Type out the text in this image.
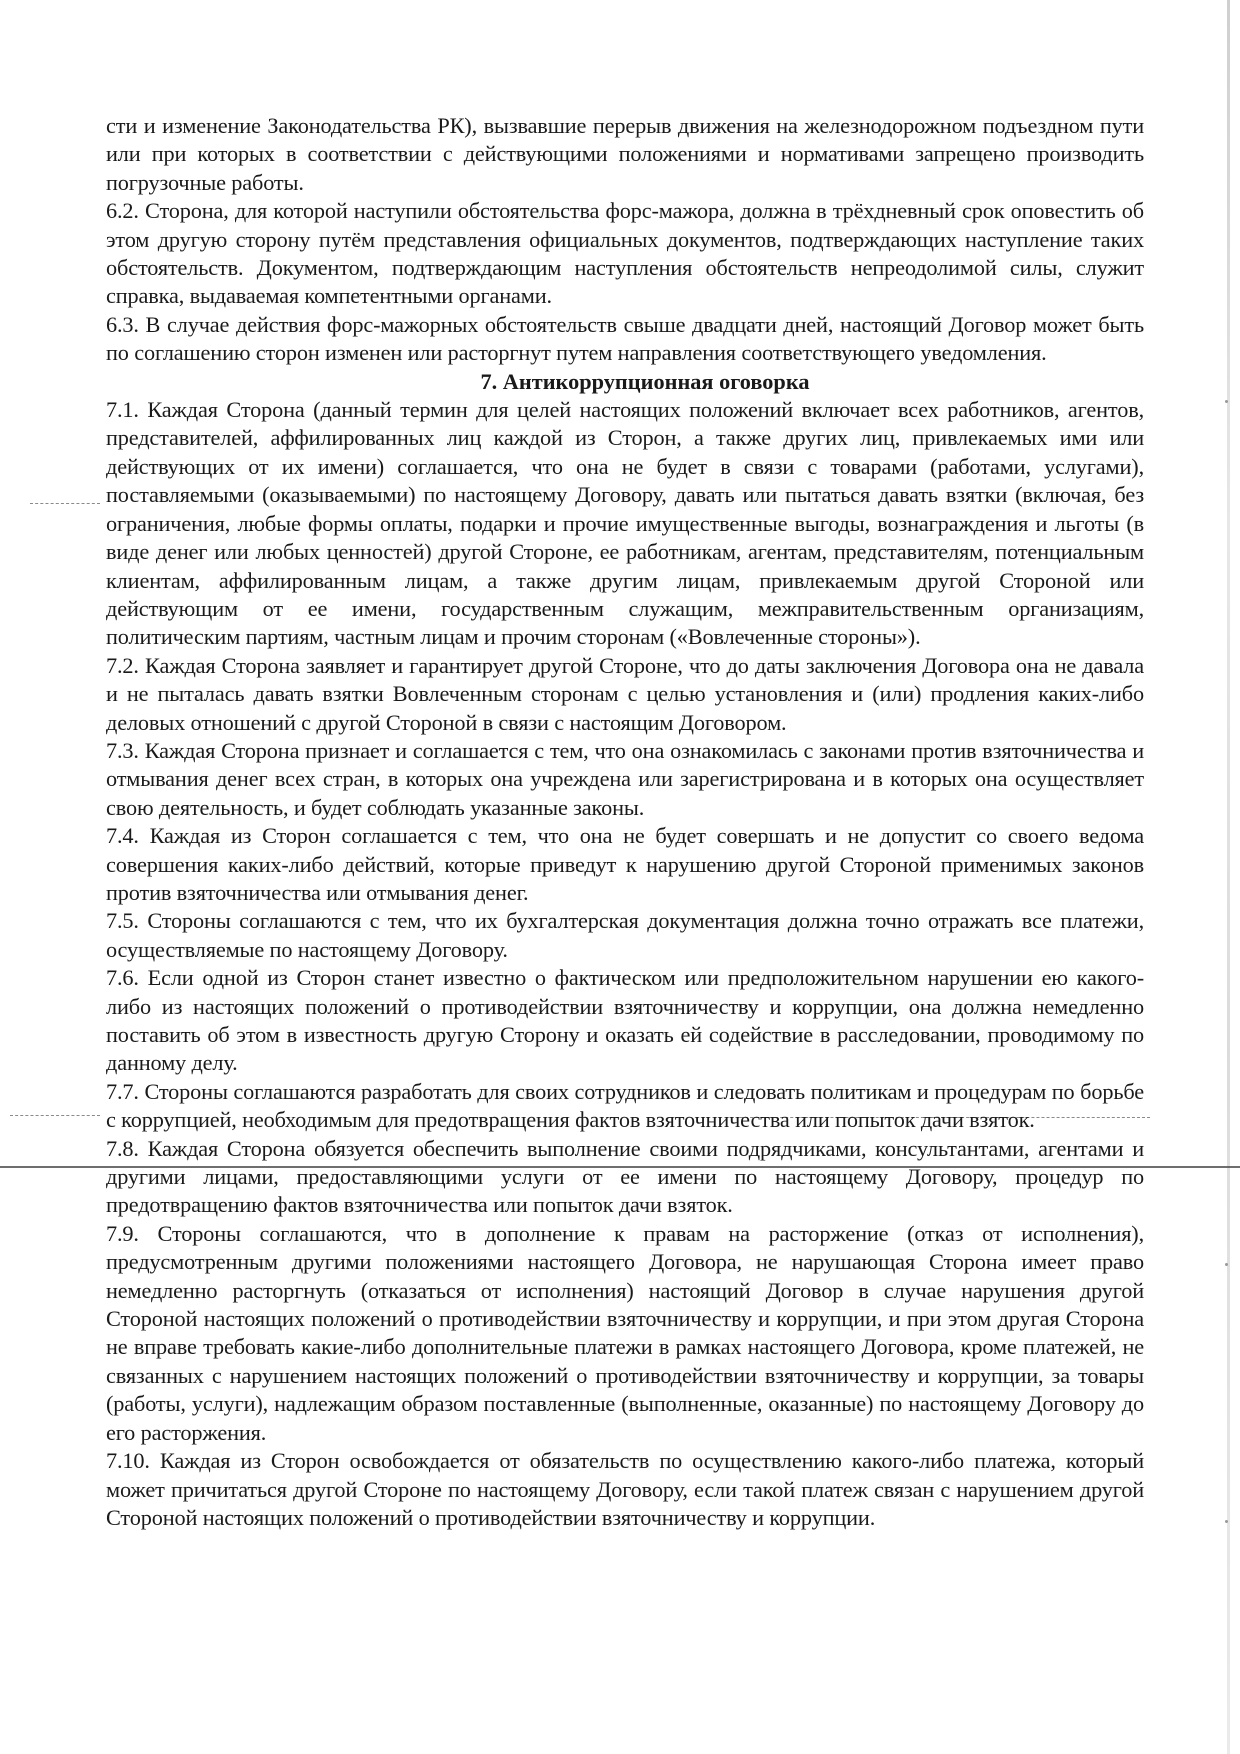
сти и изменение Законодательства РК), вызвавшие перерыв движения на железнодорожном подъездном пути или при которых в соответствии с действующими положениями и нормативами запрещено производить погрузочные работы.

6.2. Сторона, для которой наступили обстоятельства форс-мажора, должна в трёхдневный срок оповестить об этом другую сторону путём представления официальных документов, подтверждающих наступление таких обстоятельств. Документом, подтверждающим наступления обстоятельств непреодолимой силы, служит справка, выдаваемая компетентными органами.

6.3. В случае действия форс-мажорных обстоятельств свыше двадцати дней, настоящий Договор может быть по соглашению сторон изменен или расторгнут путем направления соответствующего уведомления.

7. Антикоррупционная оговорка

7.1. Каждая Сторона (данный термин для целей настоящих положений включает всех работников, агентов, представителей, аффилированных лиц каждой из Сторон, а также других лиц, привлекаемых ими или действующих от их имени) соглашается, что она не будет в связи с товарами (работами, услугами), поставляемыми (оказываемыми) по настоящему Договору, давать или пытаться давать взятки (включая, без ограничения, любые формы оплаты, подарки и прочие имущественные выгоды, вознаграждения и льготы (в виде денег или любых ценностей) другой Стороне, ее работникам, агентам, представителям, потенциальным клиентам, аффилированным лицам, а также другим лицам, привлекаемым другой Стороной или действующим от ее имени, государственным служащим, межправительственным организациям, политическим партиям, частным лицам и прочим сторонам («Вовлеченные стороны»).

7.2. Каждая Сторона заявляет и гарантирует другой Стороне, что до даты заключения Договора она не давала и не пыталась давать взятки Вовлеченным сторонам с целью установления и (или) продления каких-либо деловых отношений с другой Стороной в связи с настоящим Договором.

7.3. Каждая Сторона признает и соглашается с тем, что она ознакомилась с законами против взяточничества и отмывания денег всех стран, в которых она учреждена или зарегистрирована и в которых она осуществляет свою деятельность, и будет соблюдать указанные законы.

7.4. Каждая из Сторон соглашается с тем, что она не будет совершать и не допустит со своего ведома совершения каких-либо действий, которые приведут к нарушению другой Стороной применимых законов против взяточничества или отмывания денег.

7.5. Стороны соглашаются с тем, что их бухгалтерская документация должна точно отражать все платежи, осуществляемые по настоящему Договору.

7.6. Если одной из Сторон станет известно о фактическом или предположительном нарушении ею какого-либо из настоящих положений о противодействии взяточничеству и коррупции, она должна немедленно поставить об этом в известность другую Сторону и оказать ей содействие в расследовании, проводимому по данному делу.

7.7. Стороны соглашаются разработать для своих сотрудников и следовать политикам и процедурам по борьбе с коррупцией, необходимым для предотвращения фактов взяточничества или попыток дачи взяток.

7.8. Каждая Сторона обязуется обеспечить выполнение своими подрядчиками, консультантами, агентами и другими лицами, предоставляющими услуги от ее имени по настоящему Договору, процедур по предотвращению фактов взяточничества или попыток дачи взяток.

7.9. Стороны соглашаются, что в дополнение к правам на расторжение (отказ от исполнения), предусмотренным другими положениями настоящего Договора, не нарушающая Сторона имеет право немедленно расторгнуть (отказаться от исполнения) настоящий Договор в случае нарушения другой Стороной настоящих положений о противодействии взяточничеству и коррупции, и при этом другая Сторона не вправе требовать какие-либо дополнительные платежи в рамках настоящего Договора, кроме платежей, не связанных с нарушением настоящих положений о противодействии взяточничеству и коррупции, за товары (работы, услуги), надлежащим образом поставленные (выполненные, оказанные) по настоящему Договору до его расторжения.

7.10. Каждая из Сторон освобождается от обязательств по осуществлению какого-либо платежа, который может причитаться другой Стороне по настоящему Договору, если такой платеж связан с нарушением другой Стороной настоящих положений о противодействии взяточничеству и коррупции.
